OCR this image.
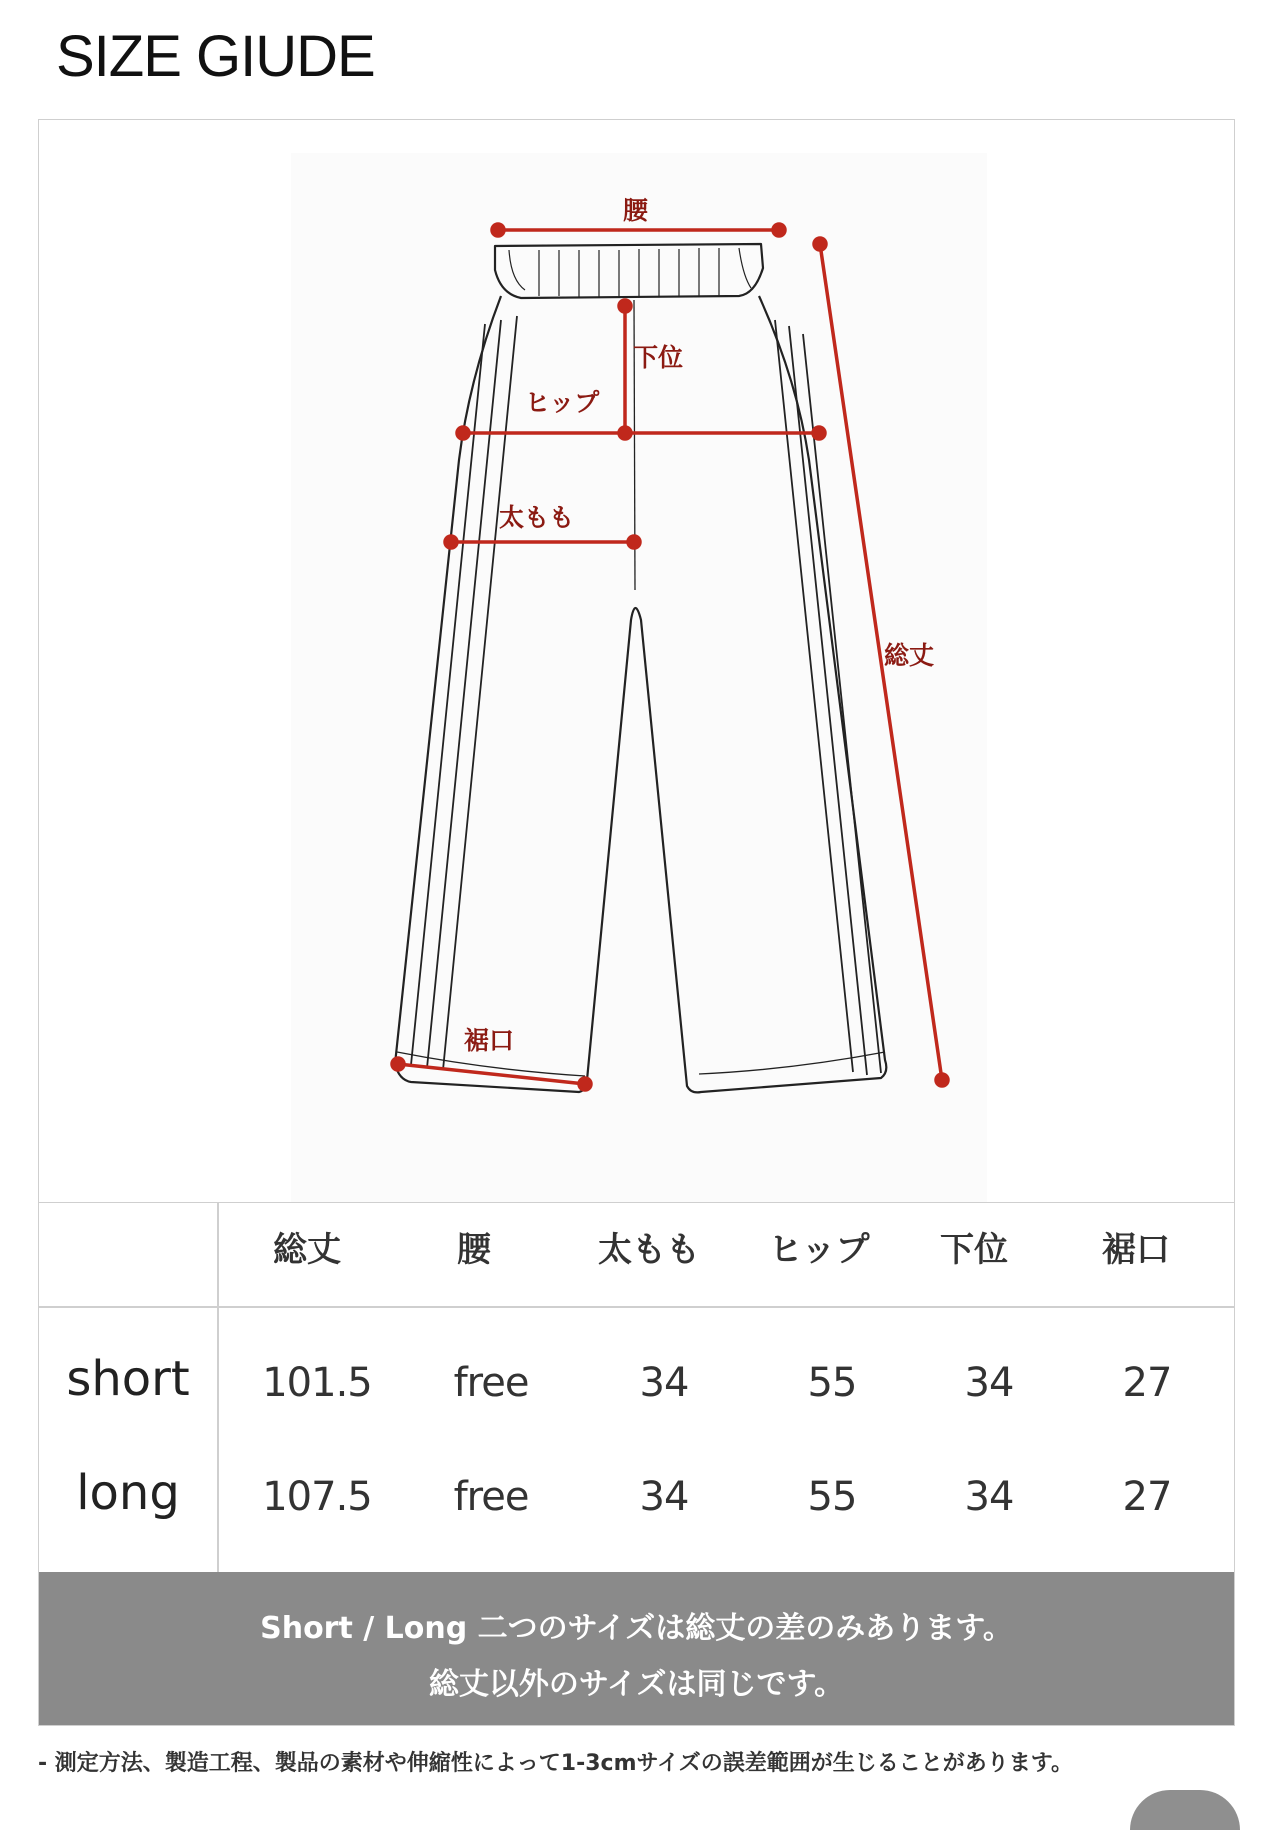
SIZE GIUDE
腰
下位
ヒップ
太もも
総丈
裾口
総丈	腰	太もも	ヒップ	下位	裾口
short	101.5	free	34	55	34	27
long	107.5	free	34	55	34	27
Short / Long 二つのサイズは総丈の差のみあります。
総丈以外のサイズは同じです。
- 測定方法、製造工程、製品の素材や伸縮性によって1-3cmサイズの誤差範囲が生じることがあります。
